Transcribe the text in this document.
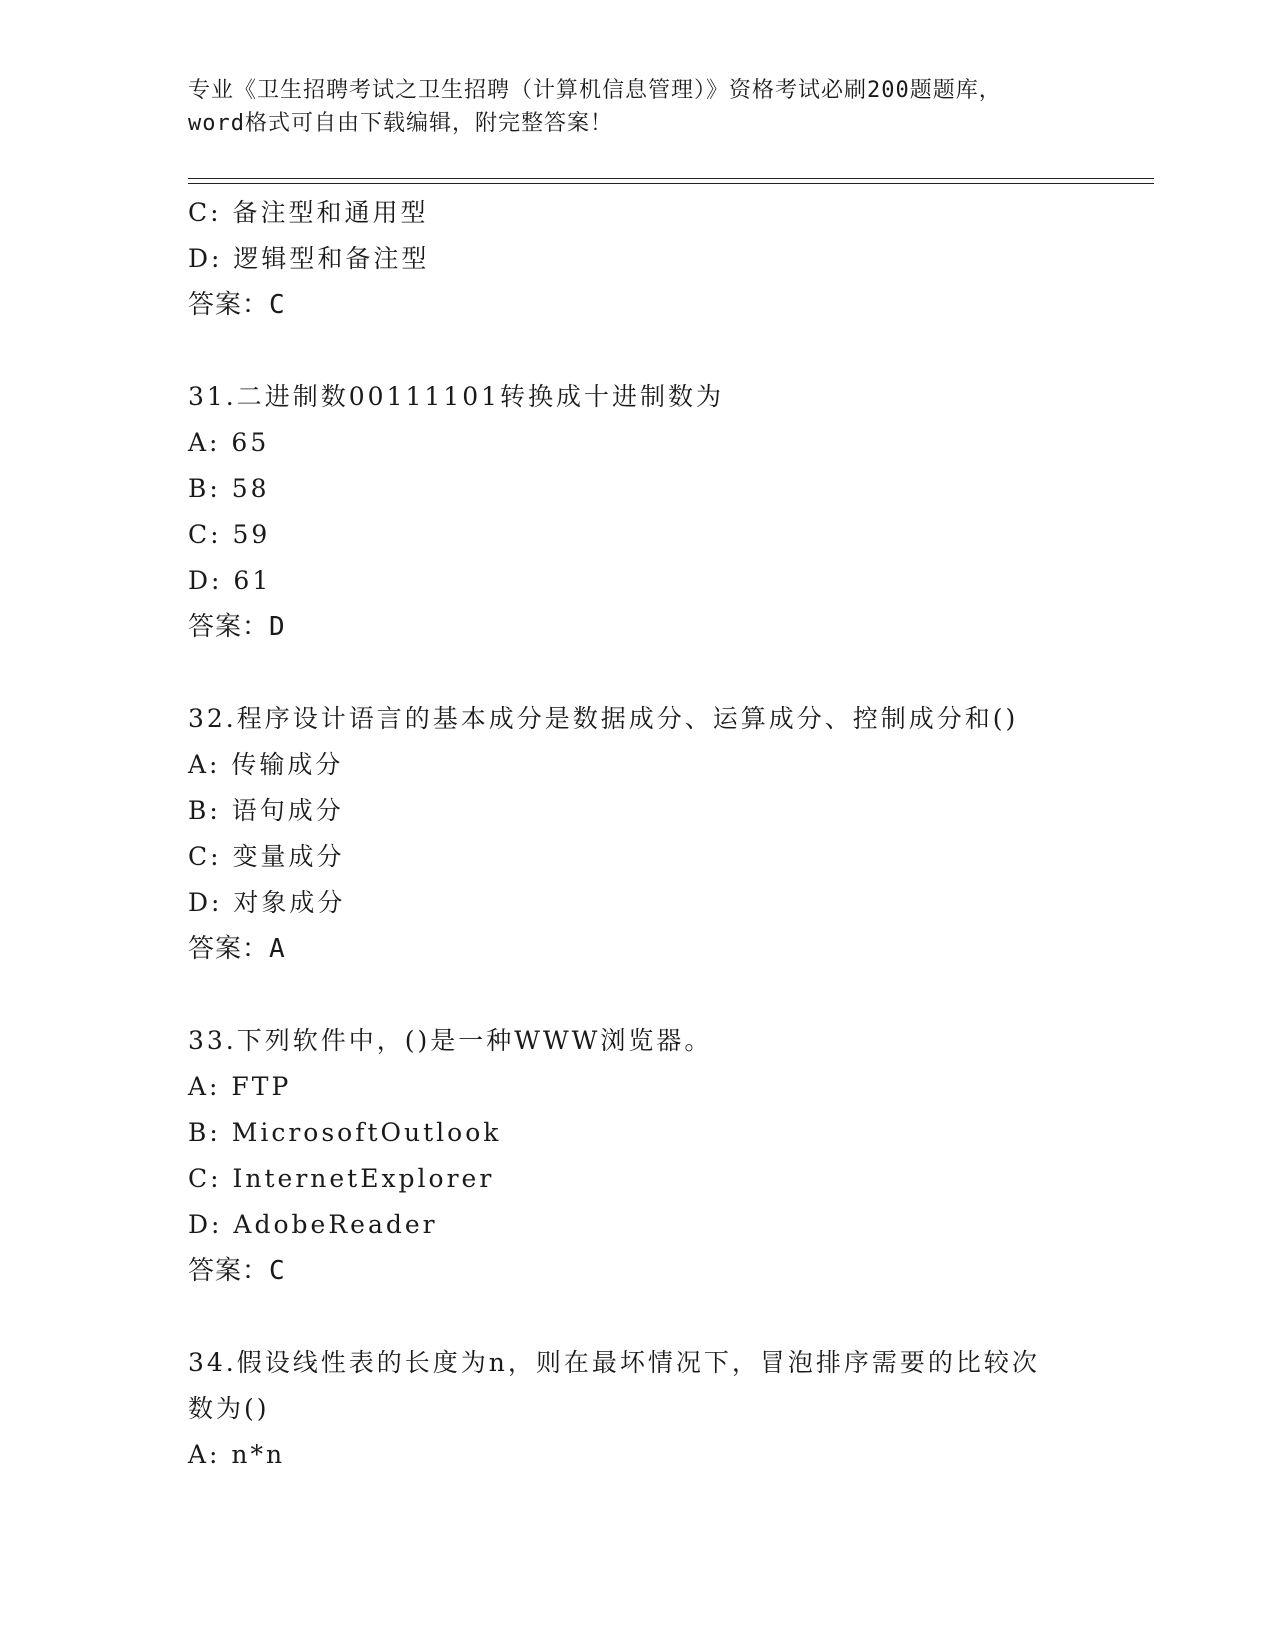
专业《卫生招聘考试之卫生招聘（计算机信息管理）》资格考试必刷200题题库，

word格式可自由下载编辑，附完整答案！

C: 备注型和通用型
D: 逻辑型和备注型
答案：C
31.二进制数00111101转换成十进制数为
A: 65
B: 58
C: 59
D: 61
答案：D
32.程序设计语言的基本成分是数据成分、运算成分、控制成分和()
A: 传输成分
B: 语句成分
C: 变量成分
D: 对象成分
答案：A
33.下列软件中，()是一种WWW浏览器。
A: FTP
B: MicrosoftOutlook
C: InternetExplorer
D: AdobeReader
答案：C
34.假设线性表的长度为n，则在最坏情况下，冒泡排序需要的比较次
数为()
A: n*n
